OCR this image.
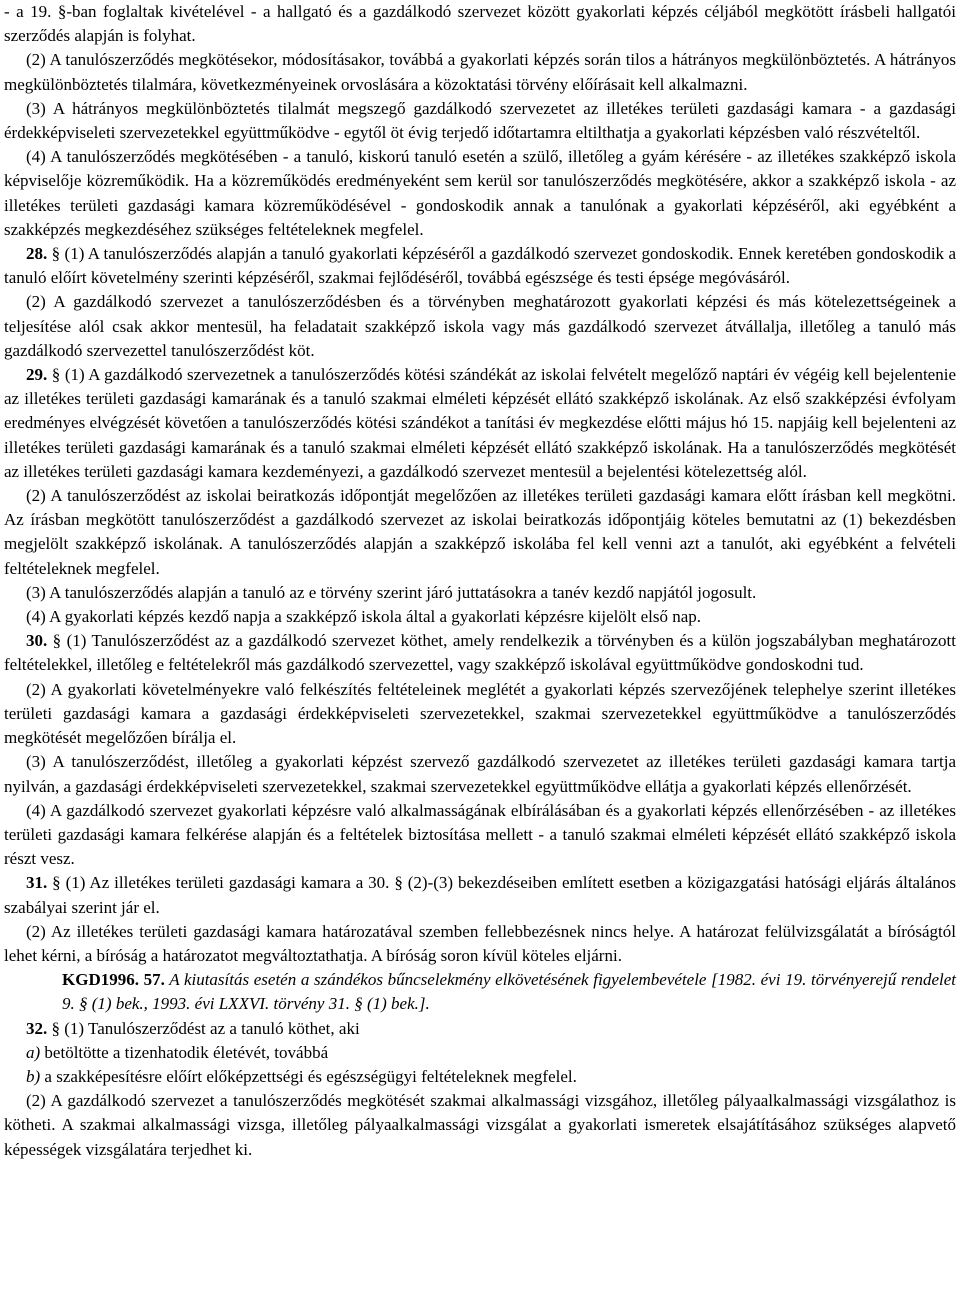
- a 19. §-ban foglaltak kivételével - a hallgató és a gazdálkodó szervezet között gyakorlati képzés céljából megkötött írásbeli hallgatói szerződés alapján is folyhat.

(2) A tanulószerződés megkötésekor, módosításakor, továbbá a gyakorlati képzés során tilos a hátrányos megkülönböztetés. A hátrányos megkülönböztetés tilalmára, következményeinek orvoslására a közoktatási törvény előírásait kell alkalmazni.

(3) A hátrányos megkülönböztetés tilalmát megszegő gazdálkodó szervezetet az illetékes területi gazdasági kamara - a gazdasági érdekképviseleti szervezetekkel együttműködve - egytől öt évig terjedő időtartamra eltilthatja a gyakorlati képzésben való részvételtől.

(4) A tanulószerződés megkötésében - a tanuló, kiskorú tanuló esetén a szülő, illetőleg a gyám kérésére - az illetékes szakképző iskola képviselője közreműködik. Ha a közreműködés eredményeként sem kerül sor tanulószerződés megkötésére, akkor a szakképző iskola - az illetékes területi gazdasági kamara közreműködésével - gondoskodik annak a tanulónak a gyakorlati képzéséről, aki egyébként a szakképzés megkezdéséhez szükséges feltételeknek megfelel.

28. § (1) A tanulószerződés alapján a tanuló gyakorlati képzéséről a gazdálkodó szervezet gondoskodik. Ennek keretében gondoskodik a tanuló előírt követelmény szerinti képzéséről, szakmai fejlődéséről, továbbá egészsége és testi épsége megóvásáról.

(2) A gazdálkodó szervezet a tanulószerződésben és a törvényben meghatározott gyakorlati képzési és más kötelezettségeinek a teljesítése alól csak akkor mentesül, ha feladatait szakképző iskola vagy más gazdálkodó szervezet átvállalja, illetőleg a tanuló más gazdálkodó szervezettel tanulószerződést köt.

29. § (1) A gazdálkodó szervezetnek a tanulószerződés kötési szándékát az iskolai felvételt megelőző naptári év végéig kell bejelentenie az illetékes területi gazdasági kamarának és a tanuló szakmai elméleti képzését ellátó szakképző iskolának. Az első szakképzési évfolyam eredményes elvégzését követően a tanulószerződés kötési szándékot a tanítási év megkezdése előtti május hó 15. napjáig kell bejelenteni az illetékes területi gazdasági kamarának és a tanuló szakmai elméleti képzését ellátó szakképző iskolának. Ha a tanulószerződés megkötését az illetékes területi gazdasági kamara kezdeményezi, a gazdálkodó szervezet mentesül a bejelentési kötelezettség alól.

(2) A tanulószerződést az iskolai beiratkozás időpontját megelőzően az illetékes területi gazdasági kamara előtt írásban kell megkötni. Az írásban megkötött tanulószerződést a gazdálkodó szervezet az iskolai beiratkozás időpontjáig köteles bemutatni az (1) bekezdésben megjelölt szakképző iskolának. A tanulószerződés alapján a szakképző iskolába fel kell venni azt a tanulót, aki egyébként a felvételi feltételeknek megfelel.

(3) A tanulószerződés alapján a tanuló az e törvény szerint járó juttatásokra a tanév kezdő napjától jogosult.

(4) A gyakorlati képzés kezdő napja a szakképző iskola által a gyakorlati képzésre kijelölt első nap.

30. § (1) Tanulószerződést az a gazdálkodó szervezet köthet, amely rendelkezik a törvényben és a külön jogszabályban meghatározott feltételekkel, illetőleg e feltételekről más gazdálkodó szervezettel, vagy szakképző iskolával együttműködve gondoskodni tud.

(2) A gyakorlati követelményekre való felkészítés feltételeinek meglétét a gyakorlati képzés szervezőjének telephelye szerint illetékes területi gazdasági kamara a gazdasági érdekképviseleti szervezetekkel, szakmai szervezetekkel együttműködve a tanulószerződés megkötését megelőzően bírálja el.

(3) A tanulószerződést, illetőleg a gyakorlati képzést szervező gazdálkodó szervezetet az illetékes területi gazdasági kamara tartja nyilván, a gazdasági érdekképviseleti szervezetekkel, szakmai szervezetekkel együttműködve ellátja a gyakorlati képzés ellenőrzését.

(4) A gazdálkodó szervezet gyakorlati képzésre való alkalmasságának elbírálásában és a gyakorlati képzés ellenőrzésében - az illetékes területi gazdasági kamara felkérése alapján és a feltételek biztosítása mellett - a tanuló szakmai elméleti képzését ellátó szakképző iskola részt vesz.

31. § (1) Az illetékes területi gazdasági kamara a 30. § (2)-(3) bekezdéseiben említett esetben a közigazgatási hatósági eljárás általános szabályai szerint jár el.

(2) Az illetékes területi gazdasági kamara határozatával szemben fellebbezésnek nincs helye. A határozat felülvizsgálatát a bíróságtól lehet kérni, a bíróság a határozatot megváltoztathatja. A bíróság soron kívül köteles eljárni.

KGD1996. 57. A kiutasítás esetén a szándékos bűncselekmény elkövetésének figyelembevétele [1982. évi 19. törvényerejű rendelet 9. § (1) bek., 1993. évi LXXVI. törvény 31. § (1) bek.].

32. § (1) Tanulószerződést az a tanuló köthet, aki

a) betöltötte a tizenhatodik életévét, továbbá

b) a szakképesítésre előírt előképzettségi és egészségügyi feltételeknek megfelel.

(2) A gazdálkodó szervezet a tanulószerződés megkötését szakmai alkalmassági vizsgához, illetőleg pályaalkalmassági vizsgálathoz is kötheti. A szakmai alkalmassági vizsga, illetőleg pályaalkalmassági vizsgálat a gyakorlati ismeretek elsajátításához szükséges alapvető képességek vizsgálatára terjedhet ki.
